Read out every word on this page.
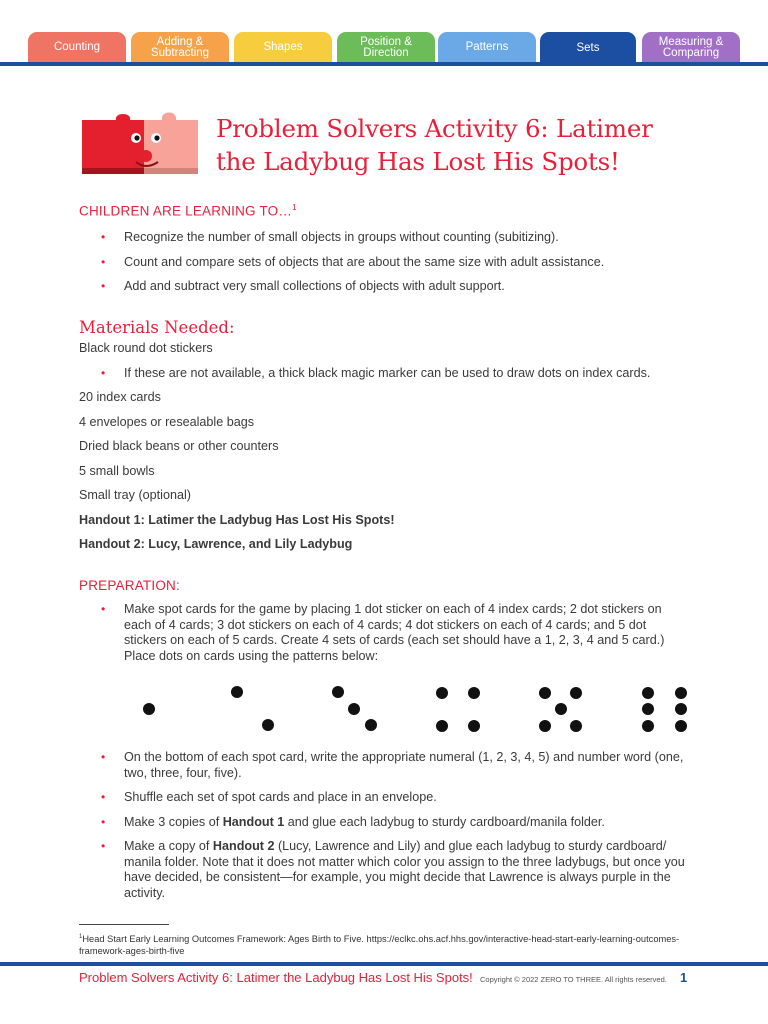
Counting	Adding &
Subtracting	Shapes	Position &
Direction	Patterns	Sets	Measuring &
Comparing
Problem Solvers Activity 6: Latimer
the Ladybug Has Lost His Spots!
CHILDREN ARE LEARNING TO…$^1$
• Recognize the number of small objects in groups without counting (subitizing).
• Count and compare sets of objects that are about the same size with adult assistance.
• Add and subtract very small collections of objects with adult support.
Materials Needed:
Black round dot stickers
• If these are not available, a thick black magic marker can be used to draw dots on index cards.
20 index cards
4 envelopes or resealable bags
Dried black beans or other counters
5 small bowls
Small tray (optional)
Handout 1: Latimer the Ladybug Has Lost His Spots!
Handout 2: Lucy, Lawrence, and Lily Ladybug
PREPARATION:
• Make spot cards for the game by placing 1 dot sticker on each of 4 index cards; 2 dot stickers on each of 4 cards; 3 dot stickers on each of 4 cards; 4 dot stickers on each of 4 cards; and 5 dot stickers on each of 5 cards. Create 4 sets of cards (each set should have a 1, 2, 3, 4 and 5 card.) Place dots on cards using the patterns below:
• On the bottom of each spot card, write the appropriate numeral (1, 2, 3, 4, 5) and number word (one, two, three, four, five).
• Shuffle each set of spot cards and place in an envelope.
• Make 3 copies of Handout 1 and glue each ladybug to sturdy cardboard/manila folder.
• Make a copy of Handout 2 (Lucy, Lawrence and Lily) and glue each ladybug to sturdy cardboard/ manila folder. Note that it does not matter which color you assign to the three ladybugs, but once you have decided, be consistent—for example, you might decide that Lawrence is always purple in the activity.
$^1$Head Start Early Learning Outcomes Framework: Ages Birth to Five. https://eclkc.ohs.acf.hhs.gov/interactive-head-start-early-learning-outcomes-framework-ages-birth-five
Problem Solvers Activity 6: Latimer the Ladybug Has Lost His Spots! Copyright © 2022 ZERO TO THREE. All rights reserved. 1
